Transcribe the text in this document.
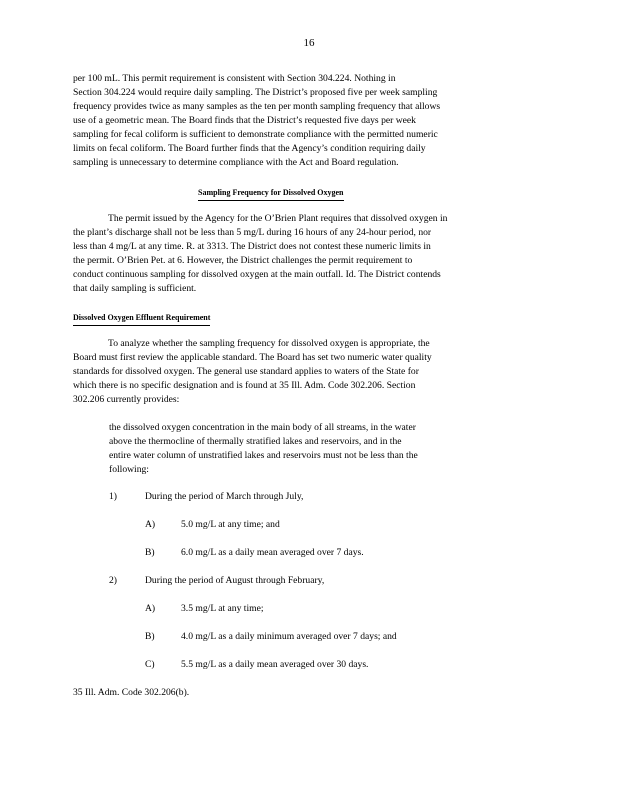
16
per 100 mL. This permit requirement is consistent with Section 304.224. Nothing in
Section 304.224 would require daily sampling. The District’s proposed five per week sampling
frequency provides twice as many samples as the ten per month sampling frequency that allows
use of a geometric mean. The Board finds that the District’s requested five days per week
sampling for fecal coliform is sufficient to demonstrate compliance with the permitted numeric
limits on fecal coliform. The Board further finds that the Agency’s condition requiring daily
sampling is unnecessary to determine compliance with the Act and Board regulation.
Sampling Frequency for Dissolved Oxygen
The permit issued by the Agency for the O’Brien Plant requires that dissolved oxygen in
the plant’s discharge shall not be less than 5 mg/L during 16 hours of any 24-hour period, nor
less than 4 mg/L at any time. R. at 3313. The District does not contest these numeric limits in
the permit. O’Brien Pet. at 6. However, the District challenges the permit requirement to
conduct continuous sampling for dissolved oxygen at the main outfall. Id. The District contends
that daily sampling is sufficient.
Dissolved Oxygen Effluent Requirement
To analyze whether the sampling frequency for dissolved oxygen is appropriate, the
Board must first review the applicable standard. The Board has set two numeric water quality
standards for dissolved oxygen. The general use standard applies to waters of the State for
which there is no specific designation and is found at 35 Ill. Adm. Code 302.206. Section
302.206 currently provides:
the dissolved oxygen concentration in the main body of all streams, in the water
above the thermocline of thermally stratified lakes and reservoirs, and in the
entire water column of unstratified lakes and reservoirs must not be less than the
following:
1)	During the period of March through July,
A)	5.0 mg/L at any time; and
B)	6.0 mg/L as a daily mean averaged over 7 days.
2)	During the period of August through February,
A)	3.5 mg/L at any time;
B)	4.0 mg/L as a daily minimum averaged over 7 days; and
C)	5.5 mg/L as a daily mean averaged over 30 days.
35 Ill. Adm. Code 302.206(b).
